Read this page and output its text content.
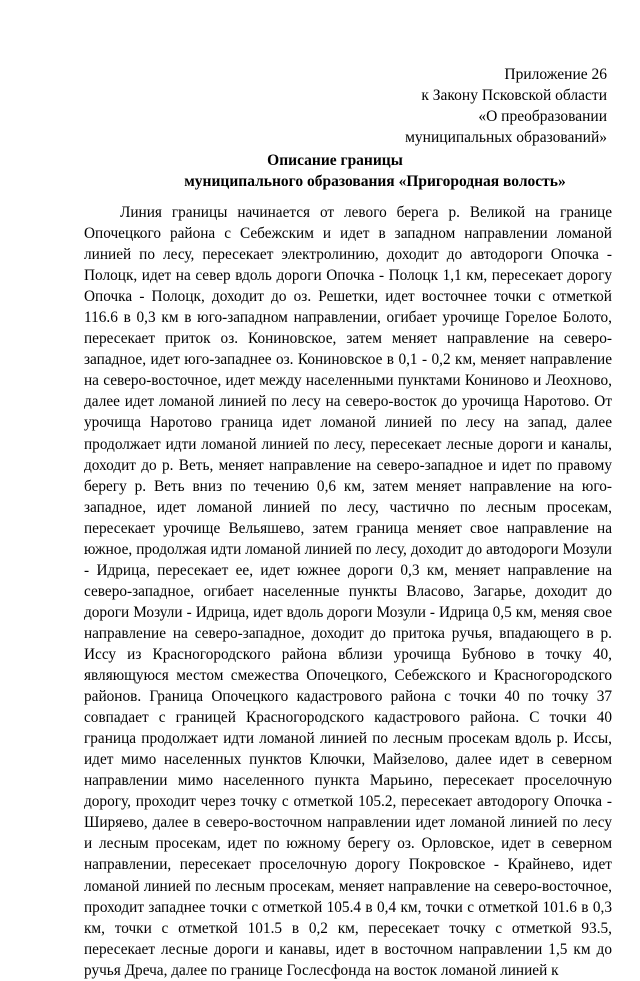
Приложение 26
к Закону Псковской области
«О преобразовании
муниципальных образований»
Описание границы
муниципального образования «Пригородная волость»

Линия границы начинается от левого берега р. Великой на границе Опочецкого района с Себежским и идет в западном направлении ломаной линией по лесу, пересекает электролинию, доходит до автодороги Опочка - Полоцк, идет на север вдоль дороги Опочка - Полоцк 1,1 км, пересекает дорогу Опочка - Полоцк, доходит до оз. Решетки, идет восточнее точки с отметкой 116.6 в 0,3 км в юго-западном направлении, огибает урочище Горелое Болото, пересекает приток оз. Кониновское, затем меняет направление на северо-западное, идет юго-западнее оз. Кониновское в 0,1 - 0,2 км, меняет направление на северо-восточное, идет между населенными пунктами Кониново и Леохново, далее идет ломаной линией по лесу на северо-восток до урочища Наротово. От урочища Наротово граница идет ломаной линией по лесу на запад, далее продолжает идти ломаной линией по лесу, пересекает лесные дороги и каналы, доходит до р. Веть, меняет направление на северо-западное и идет по правому берегу р. Веть вниз по течению 0,6 км, затем меняет направление на юго-западное, идет ломаной линией по лесу, частично по лесным просекам, пересекает урочище Вельяшево, затем граница меняет свое направление на южное, продолжая идти ломаной линией по лесу, доходит до автодороги Мозули - Идрица, пересекает ее, идет южнее дороги 0,3 км, меняет направление на северо-западное, огибает населенные пункты Власово, Загарье, доходит до дороги Мозули - Идрица, идет вдоль дороги Мозули - Идрица 0,5 км, меняя свое направление на северо-западное, доходит до притока ручья, впадающего в р. Иссу из Красногородского района вблизи урочища Бубново в точку 40, являющуюся местом смежества Опочецкого, Себежского и Красногородского районов. Граница Опочецкого кадастрового района с точки 40 по точку 37 совпадает с границей Красногородского кадастрового района. С точки 40 граница продолжает идти ломаной линией по лесным просекам вдоль р. Иссы, идет мимо населенных пунктов Ключки, Майзелово, далее идет в северном направлении мимо населенного пункта Марьино, пересекает проселочную дорогу, проходит через точку с отметкой 105.2, пересекает автодорогу Опочка - Ширяево, далее в северо-восточном направлении идет ломаной линией по лесу и лесным просекам, идет по южному берегу оз. Орловское, идет в северном направлении, пересекает проселочную дорогу Покровское - Крайнево, идет ломаной линией по лесным просекам, меняет направление на северо-восточное, проходит западнее точки с отметкой 105.4 в 0,4 км, точки с отметкой 101.6 в 0,3 км, точки с отметкой 101.5 в 0,2 км, пересекает точку с отметкой 93.5, пересекает лесные дороги и канавы, идет в восточном направлении 1,5 км до ручья Дреча, далее по границе Гослесфонда на восток ломаной линией к
